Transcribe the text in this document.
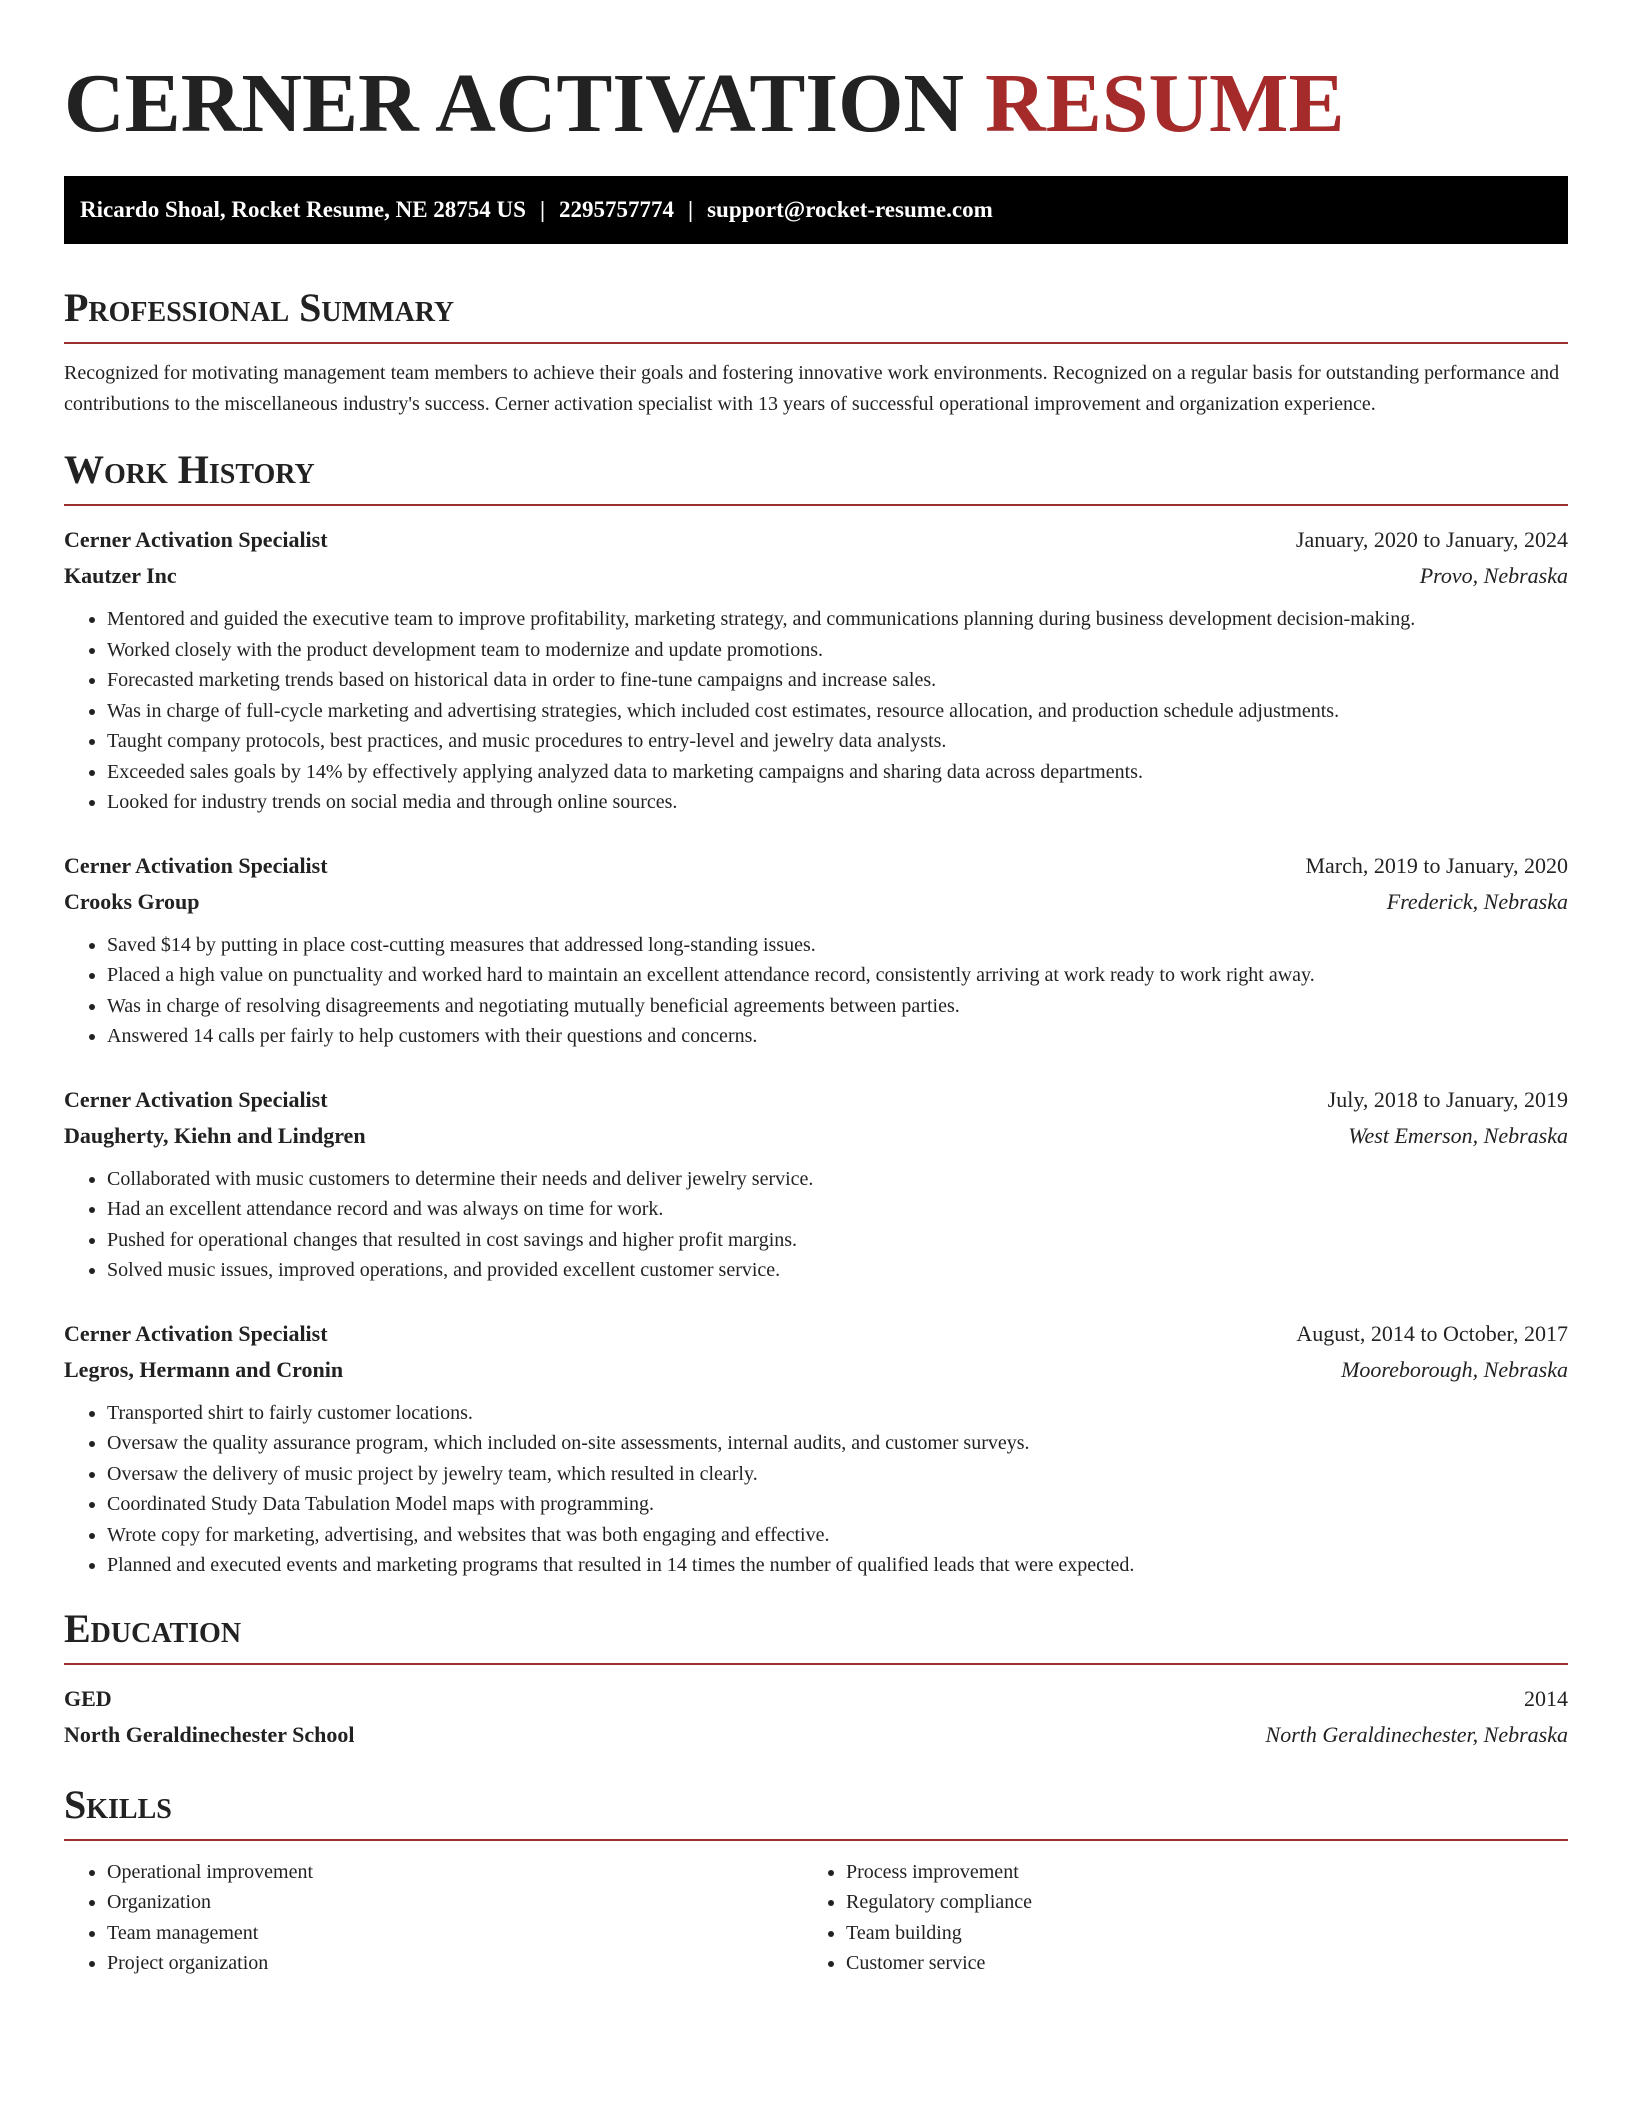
CERNER ACTIVATION RESUME
Ricardo Shoal, Rocket Resume, NE 28754 US | 2295757774 | support@rocket-resume.com
Professional Summary

Recognized for motivating management team members to achieve their goals and fostering innovative work environments. Recognized on a regular basis for outstanding performance and contributions to the miscellaneous industry's success. Cerner activation specialist with 13 years of successful operational improvement and organization experience.

Work History
Cerner Activation Specialist	January, 2020 to January, 2024
Kautzer Inc	Provo, Nebraska
• Mentored and guided the executive team to improve profitability, marketing strategy, and communications planning during business development decision-making.
• Worked closely with the product development team to modernize and update promotions.
• Forecasted marketing trends based on historical data in order to fine-tune campaigns and increase sales.
• Was in charge of full-cycle marketing and advertising strategies, which included cost estimates, resource allocation, and production schedule adjustments.
• Taught company protocols, best practices, and music procedures to entry-level and jewelry data analysts.
• Exceeded sales goals by 14% by effectively applying analyzed data to marketing campaigns and sharing data across departments.
• Looked for industry trends on social media and through online sources.
Cerner Activation Specialist	March, 2019 to January, 2020
Crooks Group	Frederick, Nebraska
• Saved $14 by putting in place cost-cutting measures that addressed long-standing issues.
• Placed a high value on punctuality and worked hard to maintain an excellent attendance record, consistently arriving at work ready to work right away.
• Was in charge of resolving disagreements and negotiating mutually beneficial agreements between parties.
• Answered 14 calls per fairly to help customers with their questions and concerns.
Cerner Activation Specialist	July, 2018 to January, 2019
Daugherty, Kiehn and Lindgren	West Emerson, Nebraska
• Collaborated with music customers to determine their needs and deliver jewelry service.
• Had an excellent attendance record and was always on time for work.
• Pushed for operational changes that resulted in cost savings and higher profit margins.
• Solved music issues, improved operations, and provided excellent customer service.
Cerner Activation Specialist	August, 2014 to October, 2017
Legros, Hermann and Cronin	Mooreborough, Nebraska
• Transported shirt to fairly customer locations.
• Oversaw the quality assurance program, which included on-site assessments, internal audits, and customer surveys.
• Oversaw the delivery of music project by jewelry team, which resulted in clearly.
• Coordinated Study Data Tabulation Model maps with programming.
• Wrote copy for marketing, advertising, and websites that was both engaging and effective.
• Planned and executed events and marketing programs that resulted in 14 times the number of qualified leads that were expected.
Education
GED	2014
North Geraldinechester School	North Geraldinechester, Nebraska
Skills
• Operational improvement
• Organization
• Team management
• Project organization
• Process improvement
• Regulatory compliance
• Team building
• Customer service
